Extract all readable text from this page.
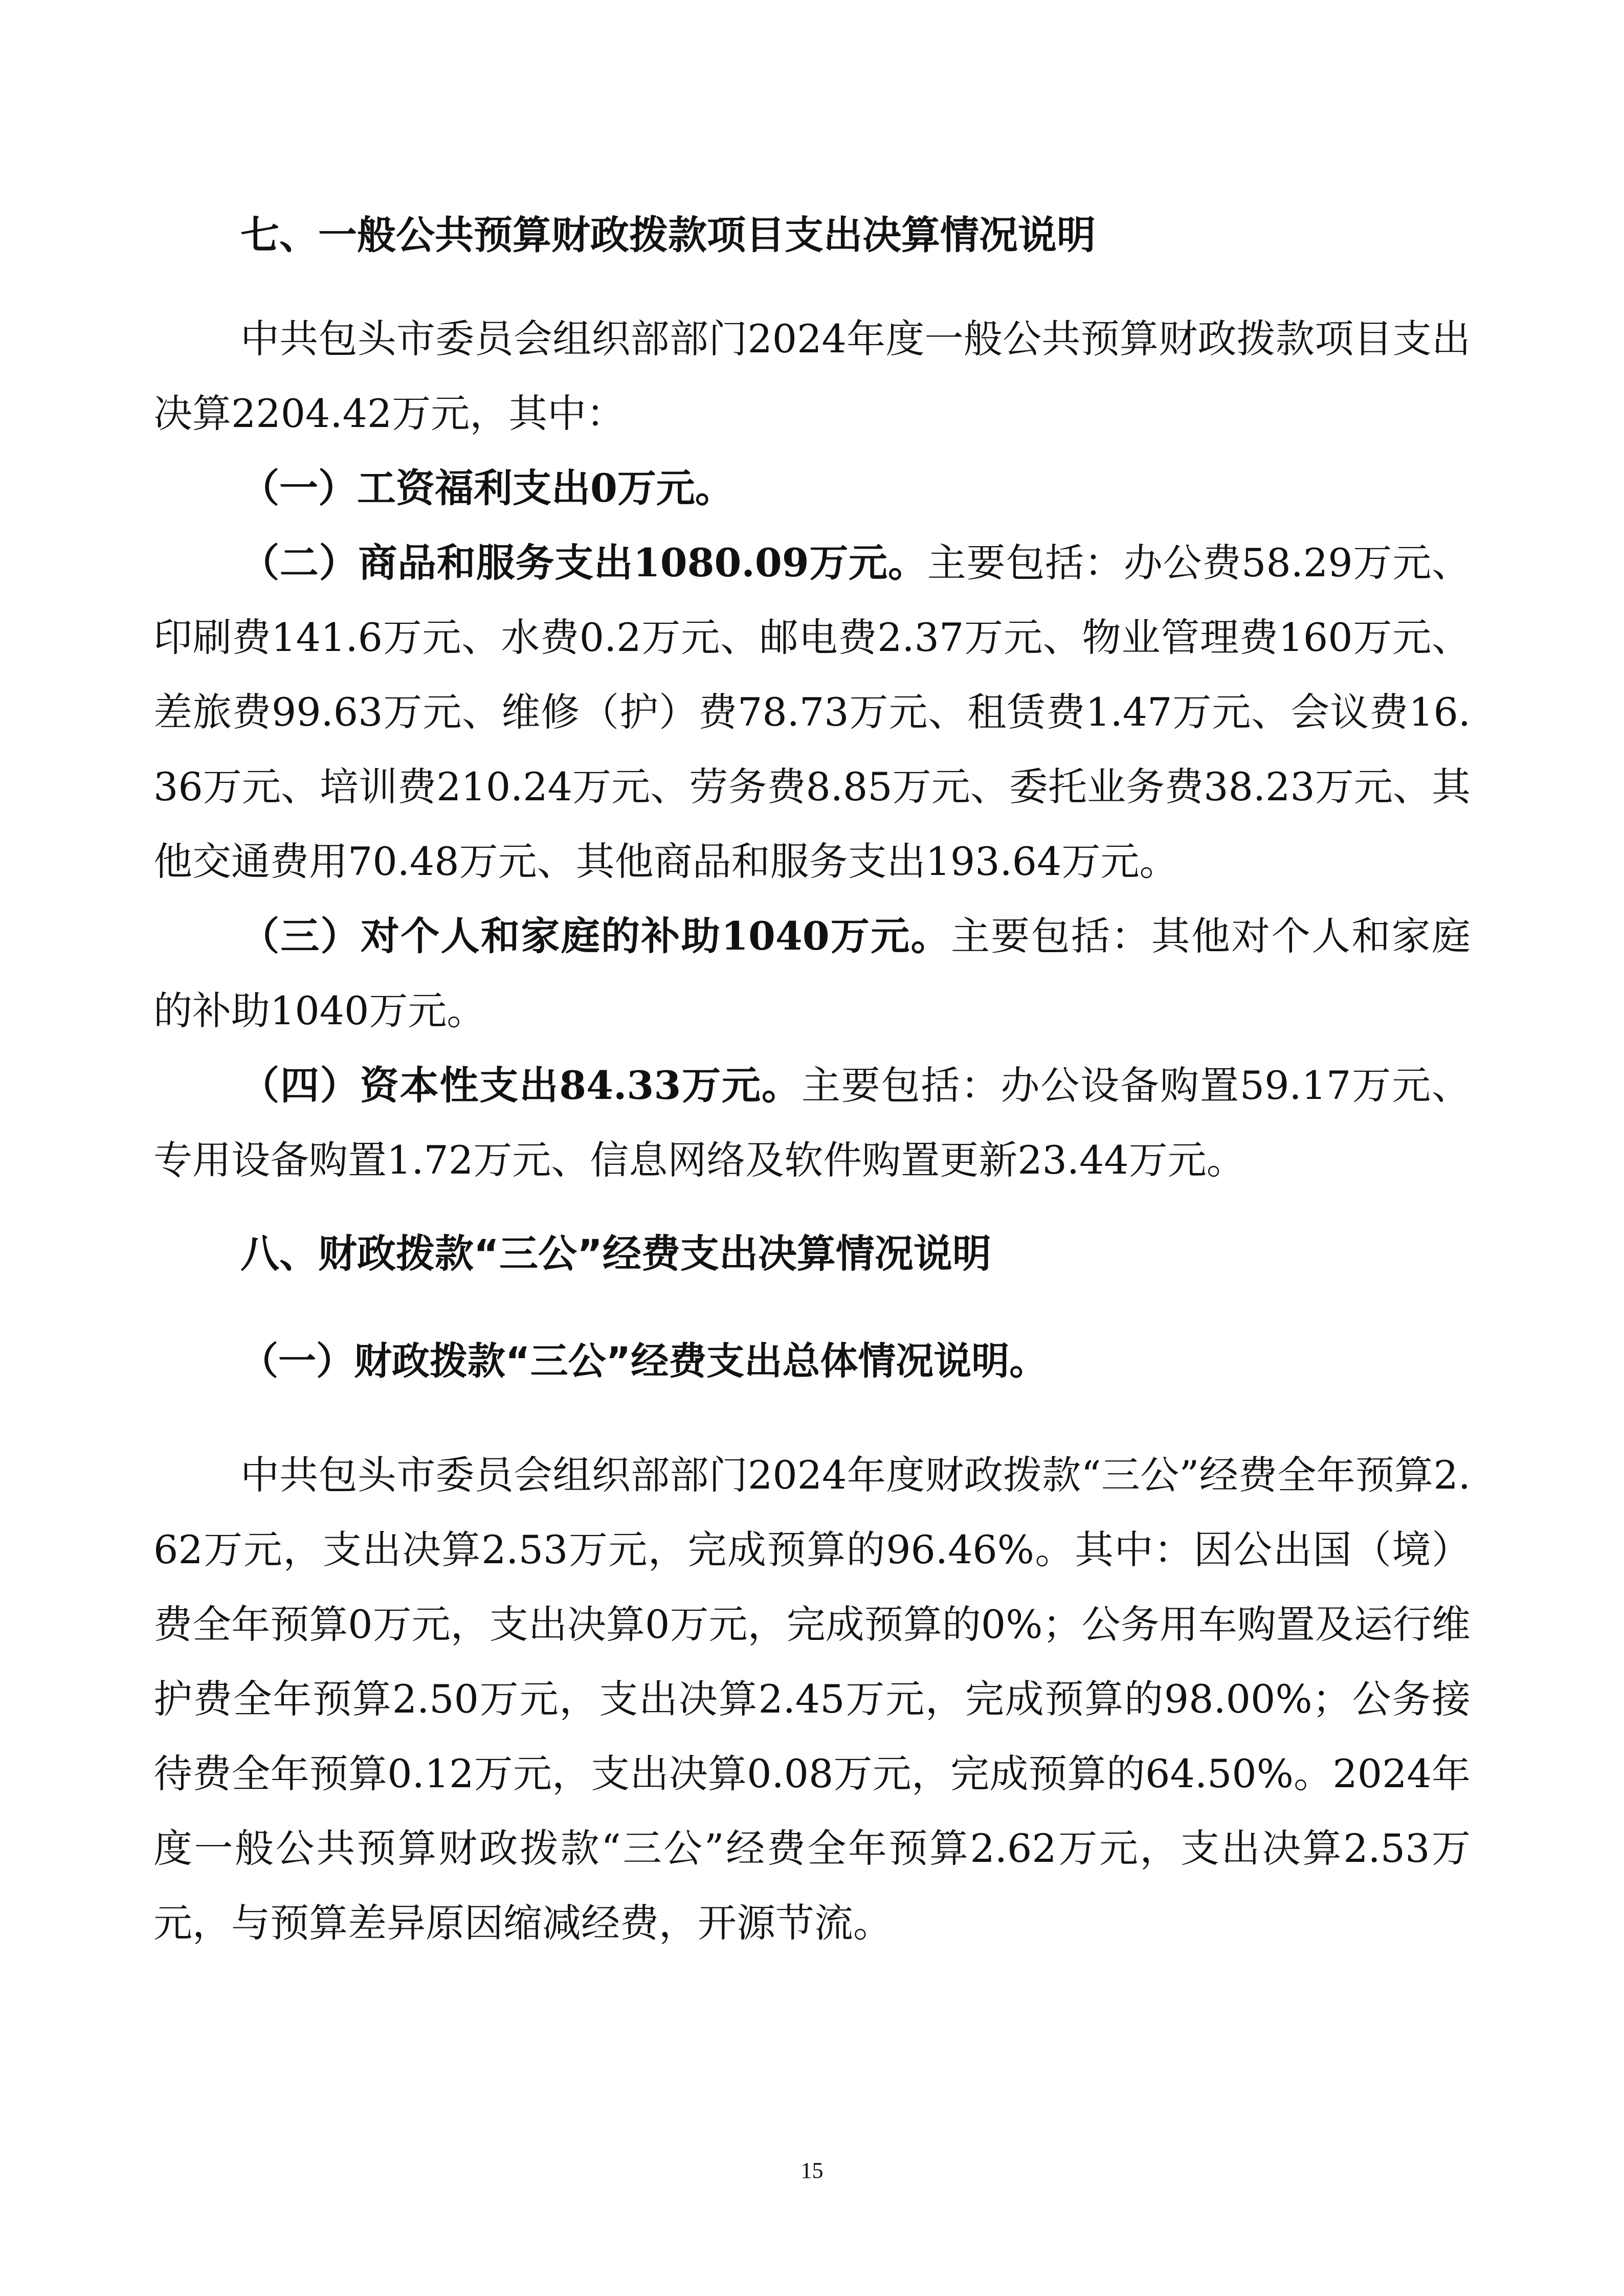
七、一般公共预算财政拨款项目支出决算情况说明

中共包头市委员会组织部部门2024年度一般公共预算财政拨款项目支出决算2204.42万元，其中：

（一）工资福利支出0万元。

（二）商品和服务支出1080.09万元。主要包括：办公费58.29万元、印刷费141.6万元、水费0.2万元、邮电费2.37万元、物业管理费160万元、差旅费99.63万元、维修（护）费78.73万元、租赁费1.47万元、会议费16.36万元、培训费210.24万元、劳务费8.85万元、委托业务费38.23万元、其他交通费用70.48万元、其他商品和服务支出193.64万元。

（三）对个人和家庭的补助1040万元。主要包括：其他对个人和家庭的补助1040万元。

（四）资本性支出84.33万元。主要包括：办公设备购置59.17万元、专用设备购置1.72万元、信息网络及软件购置更新23.44万元。

八、财政拨款“三公”经费支出决算情况说明
（一）财政拨款“三公”经费支出总体情况说明。

中共包头市委员会组织部部门2024年度财政拨款“三公”经费全年预算2.62万元，支出决算2.53万元，完成预算的96.46%。其中：因公出国（境）费全年预算0万元，支出决算0万元，完成预算的0%；公务用车购置及运行维护费全年预算2.50万元，支出决算2.45万元，完成预算的98.00%；公务接待费全年预算0.12万元，支出决算0.08万元，完成预算的64.50%。2024年度一般公共预算财政拨款“三公”经费全年预算2.62万元，支出决算2.53万元，与预算差异原因缩减经费，开源节流。

15
